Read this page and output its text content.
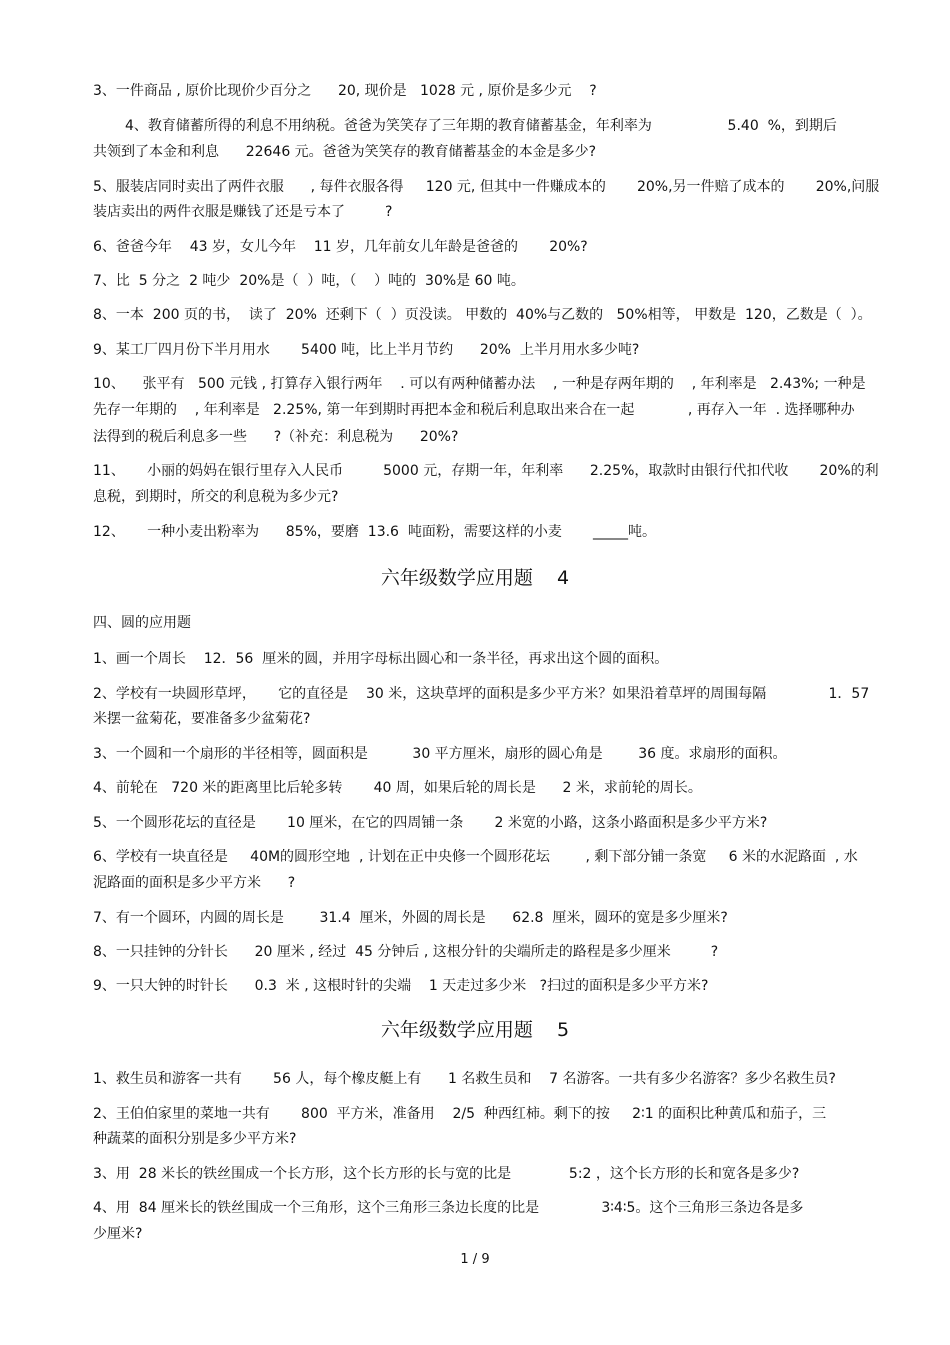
3、一件商品 , 原价比现价少百分之      20, 现价是   1028 元 , 原价是多少元    ?
4、教育储蓄所得的利息不用纳税。爸爸为笑笑存了三年期的教育储蓄基金，年利率为                 5.40  %，到期后
共领到了本金和利息      22646 元。爸爸为笑笑存的教育储蓄基金的本金是多少?
5、服装店同时卖出了两件衣服      , 每件衣服各得     120 元, 但其中一件赚成本的       20%,另一件赔了成本的       20%,问服
装店卖出的两件衣服是赚钱了还是亏本了         ?
6、爸爸今年    43 岁，女儿今年    11 岁，几年前女儿年龄是爸爸的       20%?
7、比  5 分之  2 吨少  20%是（  ）吨，（    ）吨的  30%是 60 吨。
8、一本  200 页的书，  读了  20%  还剩下（  ）页没读。 甲数的  40%与乙数的   50%相等， 甲数是  120，乙数是（  ）。
9、某工厂四月份下半月用水       5400 吨，比上半月节约      20%  上半月用水多少吨?
10、    张平有   500 元钱 , 打算存入银行两年    . 可以有两种储蓄办法    , 一种是存两年期的    , 年利率是   2.43%; 一种是
先存一年期的    , 年利率是   2.25%, 第一年到期时再把本金和税后利息取出来合在一起            , 再存入一年  . 选择哪种办
法得到的税后利息多一些      ?（补充：利息税为      20%?
11、     小丽的妈妈在银行里存入人民币         5000 元，存期一年，年利率      2.25%，取款时由银行代扣代收       20%的利
息税，到期时，所交的利息税为多少元?
12、     一种小麦出粉率为      85%，要磨  13.6  吨面粉，需要这样的小麦       _____吨。
六年级数学应用题    4
四、圆的应用题
1、画一个周长    12．56  厘米的圆，并用字母标出圆心和一条半径，再求出这个圆的面积。
2、学校有一块圆形草坪，     它的直径是    30 米，这块草坪的面积是多少平方米？如果沿着草坪的周围每隔              1．57
米摆一盆菊花，要准备多少盆菊花?
3、一个圆和一个扇形的半径相等，圆面积是          30 平方厘米，扇形的圆心角是        36 度。求扇形的面积。
4、前轮在   720 米的距离里比后轮多转       40 周，如果后轮的周长是      2 米，求前轮的周长。
5、一个圆形花坛的直径是       10 厘米，在它的四周铺一条       2 米宽的小路，这条小路面积是多少平方米?
6、学校有一块直径是     40M的圆形空地  , 计划在正中央修一个圆形花坛        , 剩下部分铺一条宽     6 米的水泥路面  , 水
泥路面的面积是多少平方米      ?
7、有一个圆环，内圆的周长是        31.4  厘米，外圆的周长是      62.8  厘米，圆环的宽是多少厘米?
8、一只挂钟的分针长      20 厘米 , 经过  45 分钟后 , 这根分针的尖端所走的路程是多少厘米         ?
9、一只大钟的时针长      0.3  米 , 这根时针的尖端    1 天走过多少米   ?扫过的面积是多少平方米?
六年级数学应用题    5
1、救生员和游客一共有       56 人，每个橡皮艇上有      1 名救生员和    7 名游客。一共有多少名游客？多少名救生员?
2、王伯伯家里的菜地一共有       800  平方米，准备用    2/5  种西红柿。剩下的按     2∶1 的面积比种黄瓜和茄子，三
种蔬菜的面积分别是多少平方米?
3、用  28 米长的铁丝围成一个长方形，这个长方形的长与宽的比是             5:2 ，这个长方形的长和宽各是多少?
4、用  84 厘米长的铁丝围成一个三角形，这个三角形三条边长度的比是              3∶4∶5。这个三角形三条边各是多
少厘米?
1 / 9
